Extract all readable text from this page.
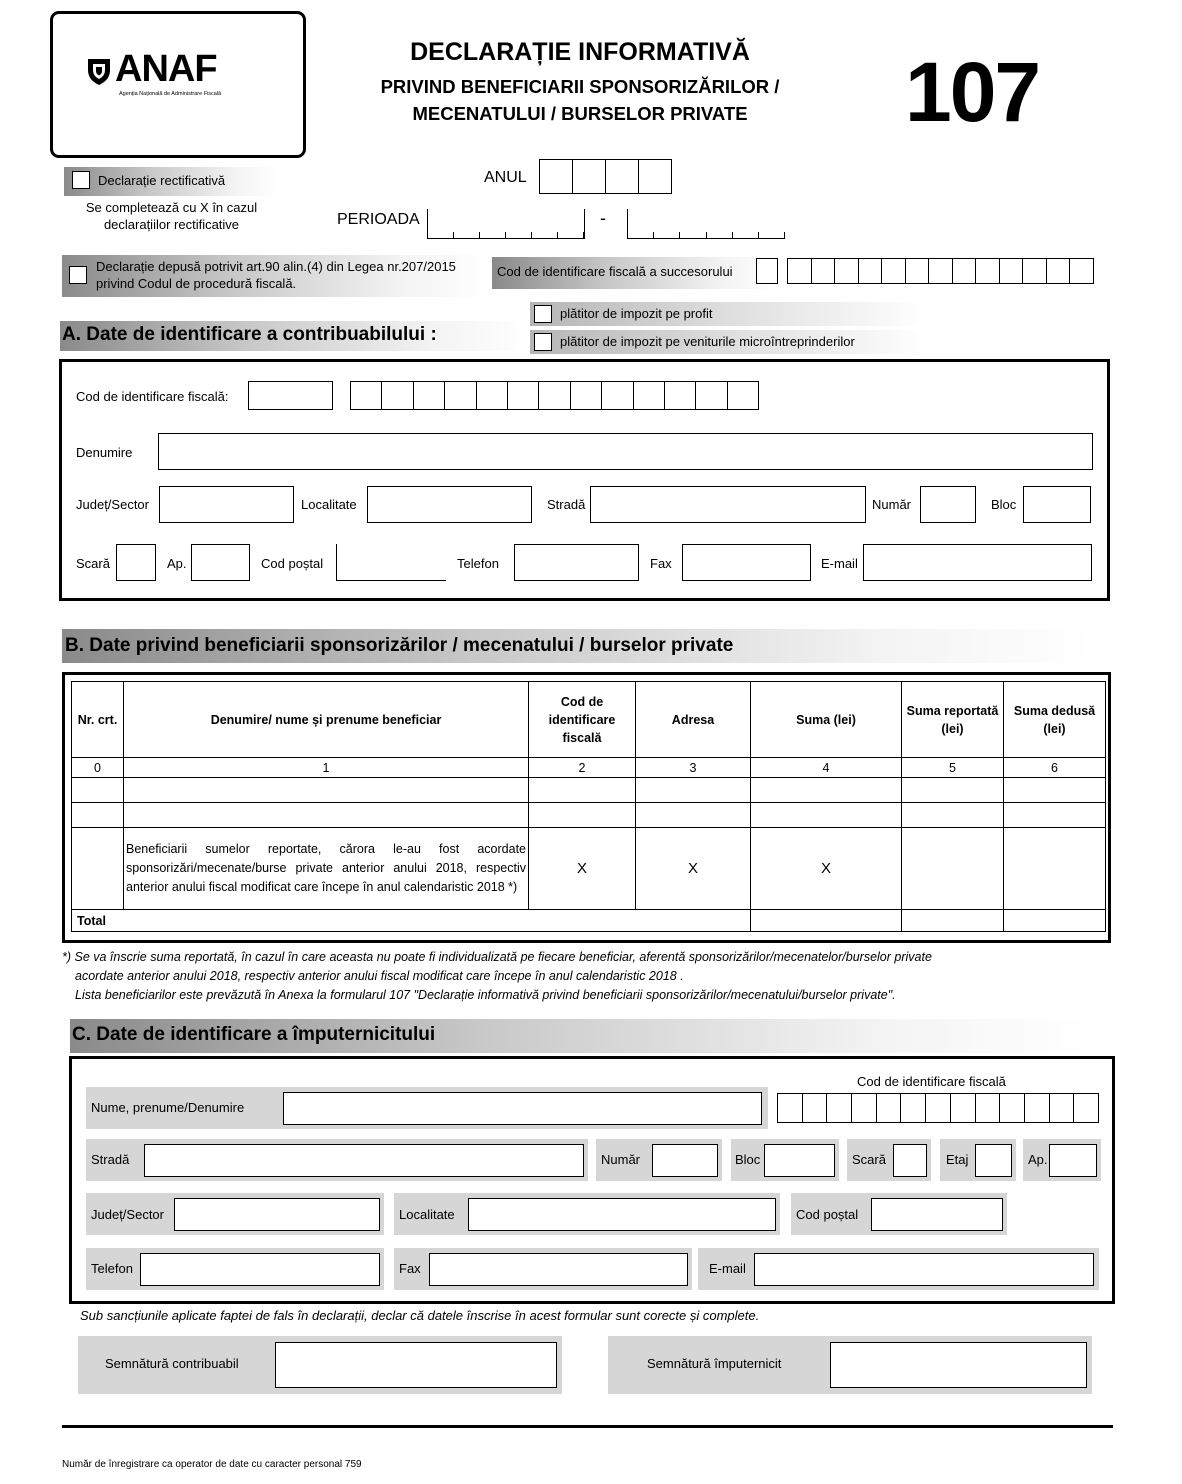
ANAF
Agenția Națională de Administrare Fiscală
DECLARAȚIE INFORMATIVĂ
PRIVIND BENEFICIARII SPONSORIZĂRILOR /
MECENATULUI / BURSELOR PRIVATE	107
Declarație rectificativă
Se completează cu X în cazul
declarațiilor rectificative
ANUL
PERIOADA	-
Declarație depusă potrivit art.90 alin.(4) din Legea nr.207/2015
privind Codul de procedură fiscală.
Cod de identificare fiscală a succesorului
plătitor de impozit pe profit
plătitor de impozit pe veniturile microîntreprinderilor
A. Date de identificare a contribuabilului :
Cod de identificare fiscală:
Denumire
Județ/Sector	Localitate	Stradă	Număr	Bloc
Scară	Ap.	Cod poștal	Telefon	Fax	E-mail
B. Date privind beneficiarii sponsorizărilor / mecenatului / burselor private
Nr. crt.	Denumire/ nume și prenume beneficiar	Cod de identificare fiscală	Adresa	Suma (lei)	Suma reportată (lei)	Suma dedusă (lei)
0	1	2	3	4	5	6

	Beneficiarii sumelor reportate, cărora le-au fost acordate sponsorizări/mecenate/burse private anterior anului 2018, respectiv anterior anului fiscal modificat care începe în anul calendaristic 2018 *)	X	X	X		
Total						
*) Se va înscrie suma reportată, în cazul în care aceasta nu poate fi individualizată pe fiecare beneficiar, aferentă sponsorizărilor/mecenatelor/burselor private
acordate anterior anului 2018, respectiv anterior anului fiscal modificat care începe în anul calendaristic 2018 .
Lista beneficiarilor este prevăzută în Anexa la formularul 107 "Declarație informativă privind beneficiarii sponsorizărilor/mecenatului/burselor private".
C. Date de identificare a împuternicitului
Cod de identificare fiscală
Nume, prenume/Denumire
Stradă	Număr	Bloc	Scară	Etaj	Ap.
Județ/Sector	Localitate	Cod poștal
Telefon	Fax	E-mail
Sub sancțiunile aplicate faptei de fals în declarații, declar că datele înscrise în acest formular sunt corecte și complete.
Semnătură contribuabil	Semnătură împuternicit
Număr de înregistrare ca operator de date cu caracter personal 759
